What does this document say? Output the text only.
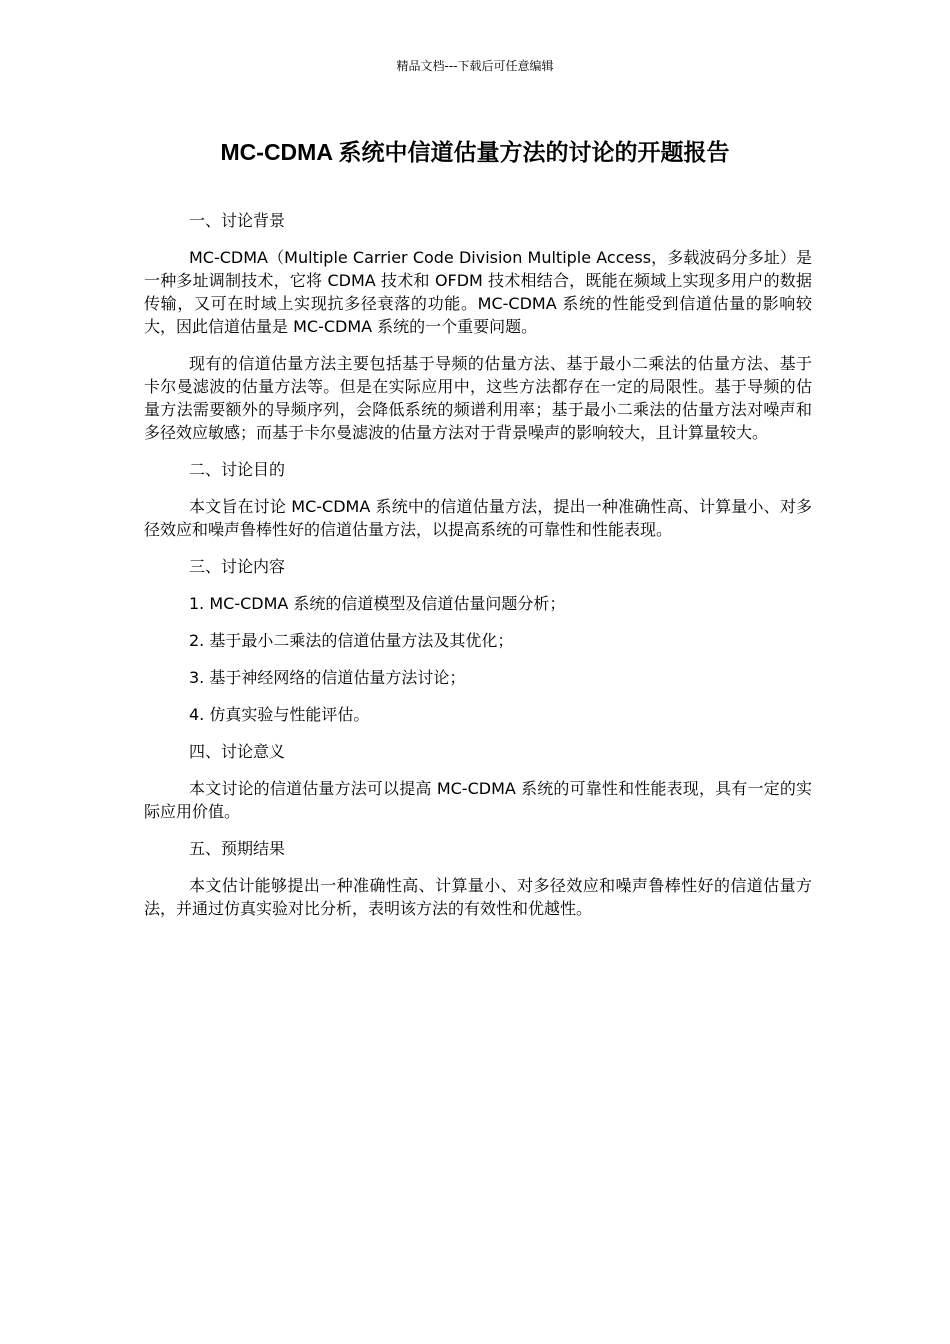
精品文档---下载后可任意编辑
MC-CDMA 系统中信道估量方法的讨论的开题报告

一、讨论背景

MC-CDMA（Multiple Carrier Code Division Multiple Access，多载波码分多址）是一种多址调制技术，它将 CDMA 技术和 OFDM 技术相结合，既能在频域上实现多用户的数据传输，又可在时域上实现抗多径衰落的功能。MC-CDMA 系统的性能受到信道估量的影响较大，因此信道估量是 MC-CDMA 系统的一个重要问题。

现有的信道估量方法主要包括基于导频的估量方法、基于最小二乘法的估量方法、基于卡尔曼滤波的估量方法等。但是在实际应用中，这些方法都存在一定的局限性。基于导频的估量方法需要额外的导频序列，会降低系统的频谱利用率；基于最小二乘法的估量方法对噪声和多径效应敏感；而基于卡尔曼滤波的估量方法对于背景噪声的影响较大，且计算量较大。

二、讨论目的

本文旨在讨论 MC-CDMA 系统中的信道估量方法，提出一种准确性高、计算量小、对多径效应和噪声鲁棒性好的信道估量方法，以提高系统的可靠性和性能表现。

三、讨论内容

1. MC-CDMA 系统的信道模型及信道估量问题分析；

2. 基于最小二乘法的信道估量方法及其优化；

3. 基于神经网络的信道估量方法讨论；

4. 仿真实验与性能评估。

四、讨论意义

本文讨论的信道估量方法可以提高 MC-CDMA 系统的可靠性和性能表现，具有一定的实际应用价值。

五、预期结果

本文估计能够提出一种准确性高、计算量小、对多径效应和噪声鲁棒性好的信道估量方法，并通过仿真实验对比分析，表明该方法的有效性和优越性。
